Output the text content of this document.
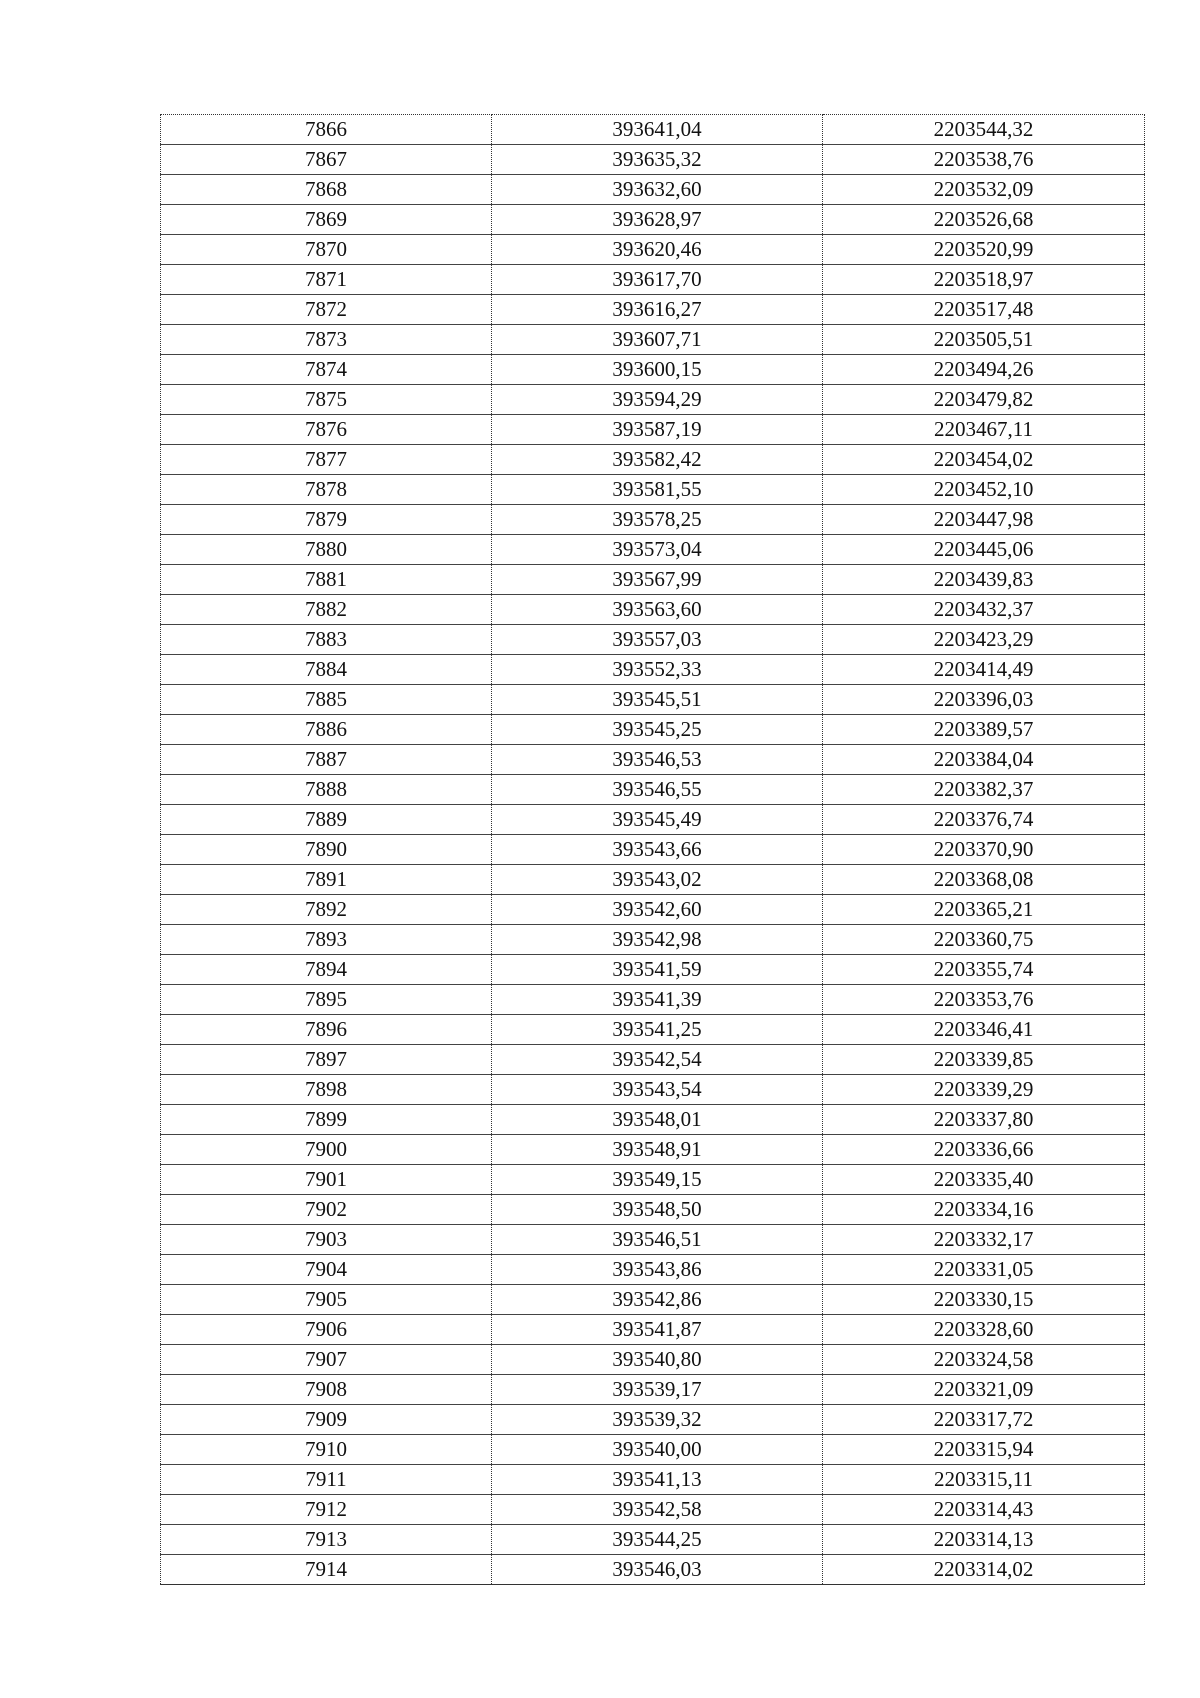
7866	393641,04	2203544,32
7867	393635,32	2203538,76
7868	393632,60	2203532,09
7869	393628,97	2203526,68
7870	393620,46	2203520,99
7871	393617,70	2203518,97
7872	393616,27	2203517,48
7873	393607,71	2203505,51
7874	393600,15	2203494,26
7875	393594,29	2203479,82
7876	393587,19	2203467,11
7877	393582,42	2203454,02
7878	393581,55	2203452,10
7879	393578,25	2203447,98
7880	393573,04	2203445,06
7881	393567,99	2203439,83
7882	393563,60	2203432,37
7883	393557,03	2203423,29
7884	393552,33	2203414,49
7885	393545,51	2203396,03
7886	393545,25	2203389,57
7887	393546,53	2203384,04
7888	393546,55	2203382,37
7889	393545,49	2203376,74
7890	393543,66	2203370,90
7891	393543,02	2203368,08
7892	393542,60	2203365,21
7893	393542,98	2203360,75
7894	393541,59	2203355,74
7895	393541,39	2203353,76
7896	393541,25	2203346,41
7897	393542,54	2203339,85
7898	393543,54	2203339,29
7899	393548,01	2203337,80
7900	393548,91	2203336,66
7901	393549,15	2203335,40
7902	393548,50	2203334,16
7903	393546,51	2203332,17
7904	393543,86	2203331,05
7905	393542,86	2203330,15
7906	393541,87	2203328,60
7907	393540,80	2203324,58
7908	393539,17	2203321,09
7909	393539,32	2203317,72
7910	393540,00	2203315,94
7911	393541,13	2203315,11
7912	393542,58	2203314,43
7913	393544,25	2203314,13
7914	393546,03	2203314,02
